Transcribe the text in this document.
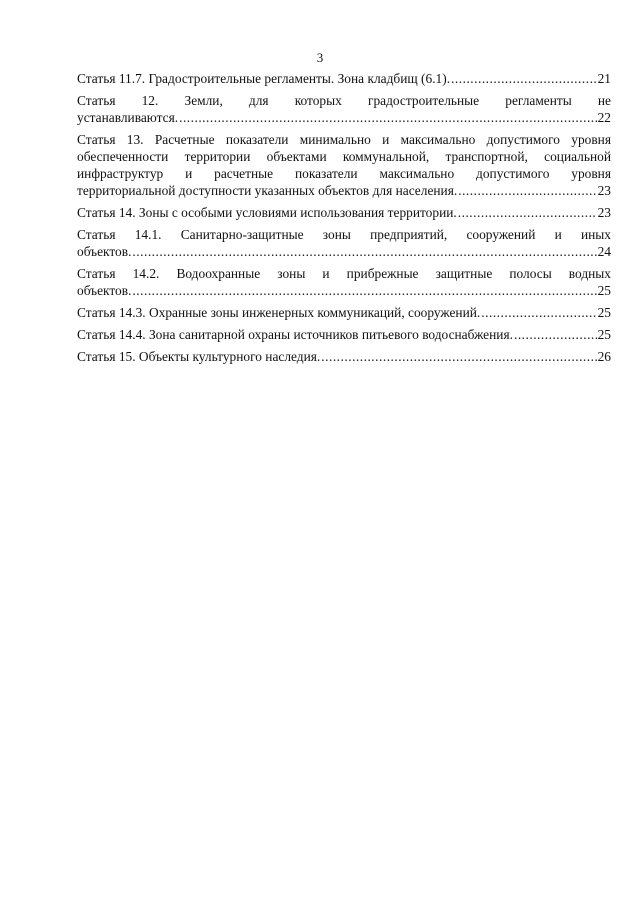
3
Статья 11.7. Градостроительные регламенты. Зона кладбищ (6.1). .....	21
Статья 12. Земли, для которых градостроительные регламенты не
устанавливаются. .....	22
Статья 13. Расчетные показатели минимально и максимально допустимого уровня
обеспеченности территории объектами коммунальной, транспортной, социальной
инфраструктур и расчетные показатели максимально допустимого уровня
территориальной доступности указанных объектов для населения. .....	23
Статья 14. Зоны с особыми условиями использования территории. .....	23
Статья 14.1. Санитарно-защитные зоны предприятий, сооружений и иных
объектов. .....	24
Статья 14.2. Водоохранные зоны и прибрежные защитные полосы водных
объектов. .....	25
Статья 14.3. Охранные зоны инженерных коммуникаций, сооружений. .....	25
Статья 14.4. Зона санитарной охраны источников питьевого водоснабжения. .....	25
Статья 15. Объекты культурного наследия. .....	26
